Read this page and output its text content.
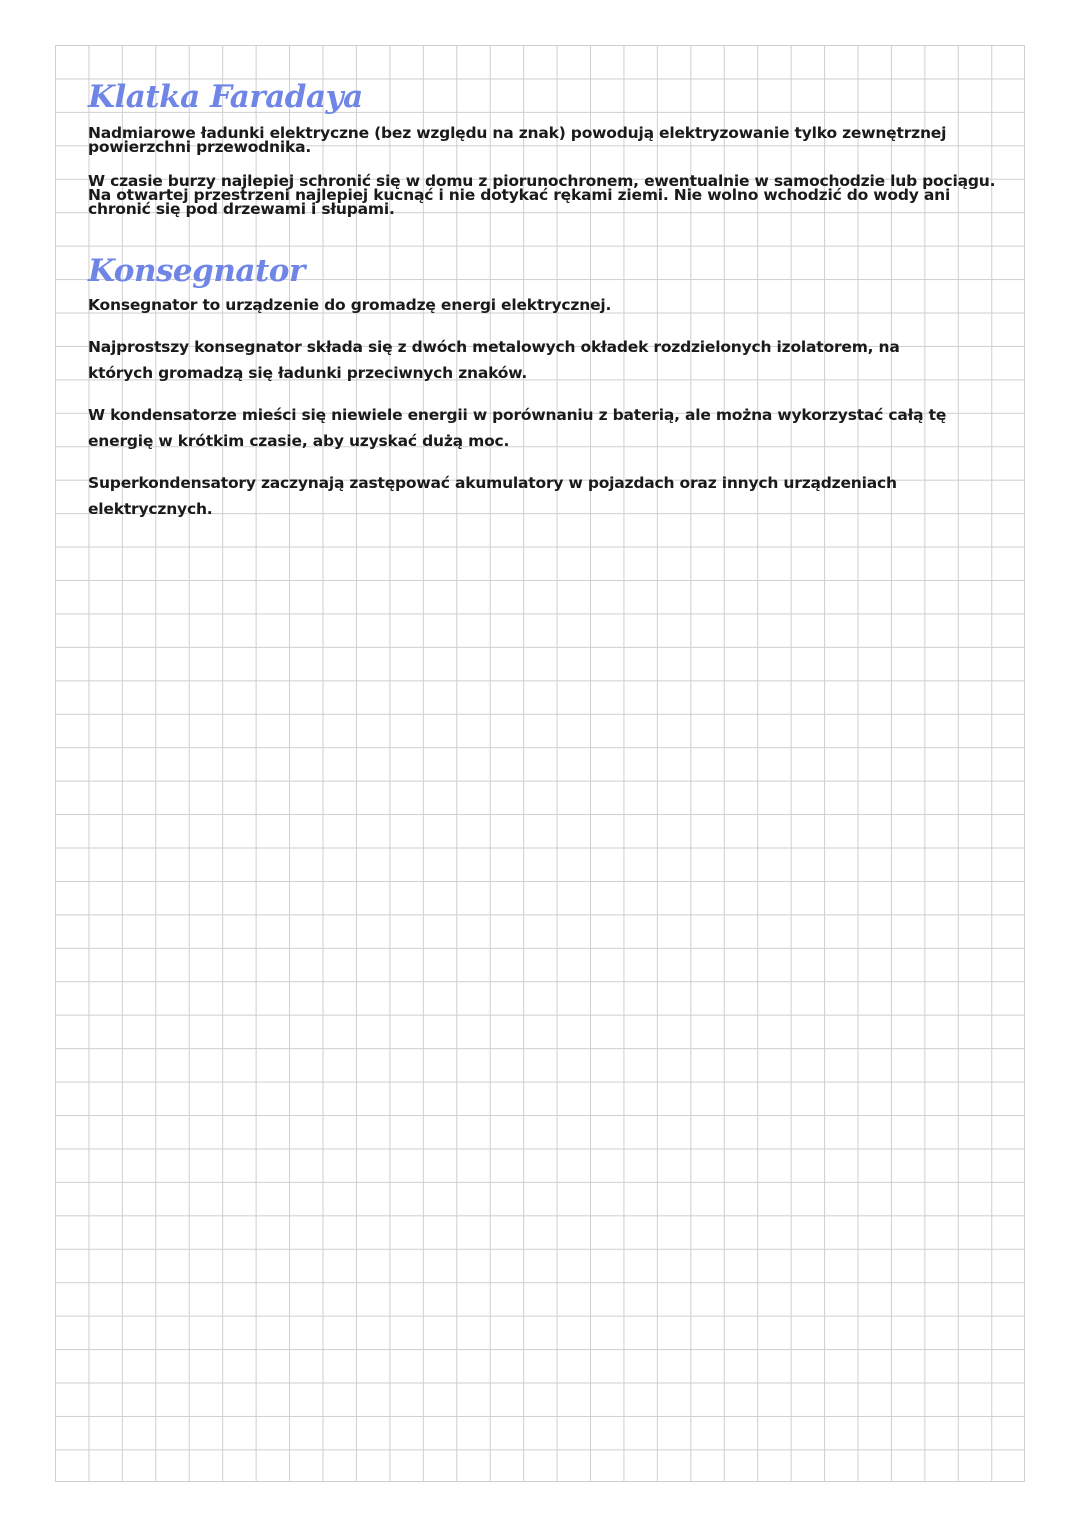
Klatka Faradaya

Nadmiarowe ładunki elektryczne (bez względu na znak) powodują elektryzowanie tylko zewnętrznej powierzchni przewodnika.

W czasie burzy najlepiej schronić się w domu z piorunochronem, ewentualnie w samochodzie lub pociągu. Na otwartej przestrzeni najlepiej kucnąć i nie dotykać rękami ziemi. Nie wolno wchodzić do wody ani chronić się pod drzewami i słupami.

Konsegnator

Konsegnator to urządzenie do gromadzę energi elektrycznej.

Najprostszy konsegnator składa się z dwóch metalowych okładek rozdzielonych izolatorem, na których gromadzą się ładunki przeciwnych znaków.

W kondensatorze mieści się niewiele energii w porównaniu z baterią, ale można wykorzystać całą tę energię w krótkim czasie, aby uzyskać dużą moc.

Superkondensatory zaczynają zastępować akumulatory w pojazdach oraz innych urządzeniach elektrycznych.
